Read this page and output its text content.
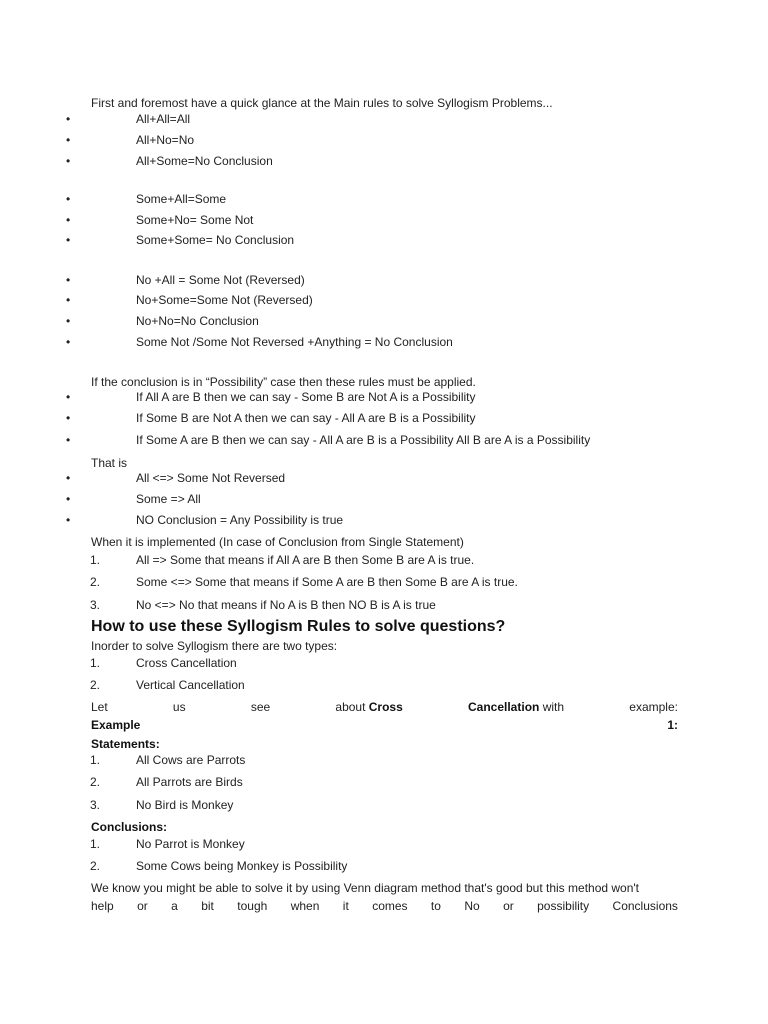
First and foremost have a quick glance at the Main rules to solve Syllogism Problems...
•	All+All=All
•	All+No=No
•	All+Some=No Conclusion
•	Some+All=Some
•	Some+No= Some Not
•	Some+Some= No Conclusion
•	No +All = Some Not (Reversed)
•	No+Some=Some Not (Reversed)
•	No+No=No Conclusion
•	Some Not /Some Not Reversed +Anything = No Conclusion
If the conclusion is in “Possibility” case then these rules must be applied.
•	If All A are B then we can say - Some B are Not A is a Possibility
•	If Some B are Not A then we can say - All A are B is a Possibility
•	If Some A are B then we can say - All A are B is a Possibility All B are A is a Possibility
That is
•	All <=> Some Not Reversed
•	Some => All
•	NO Conclusion = Any Possibility is true
When it is implemented (In case of Conclusion from Single Statement)
1.	All => Some that means if All A are B then Some B are A is true.
2.	Some <=> Some that means if Some A are B then Some B are A is true.
3.	No <=> No that means if No A is B then NO B is A is true
How to use these Syllogism Rules to solve questions?
Inorder to solve Syllogism there are two types:
1.	Cross Cancellation
2.	Vertical Cancellation
Let	us	see	about Cross	Cancellation with	example:
Example	1:
Statements:
1.	All Cows are Parrots
2.	All Parrots are Birds
3.	No Bird is Monkey
Conclusions:
1.	No Parrot is Monkey
2.	Some Cows being Monkey is Possibility
We know you might be able to solve it by using Venn diagram method that's good but this method won't
help or a bit tough when it comes to No or possibility Conclusions
